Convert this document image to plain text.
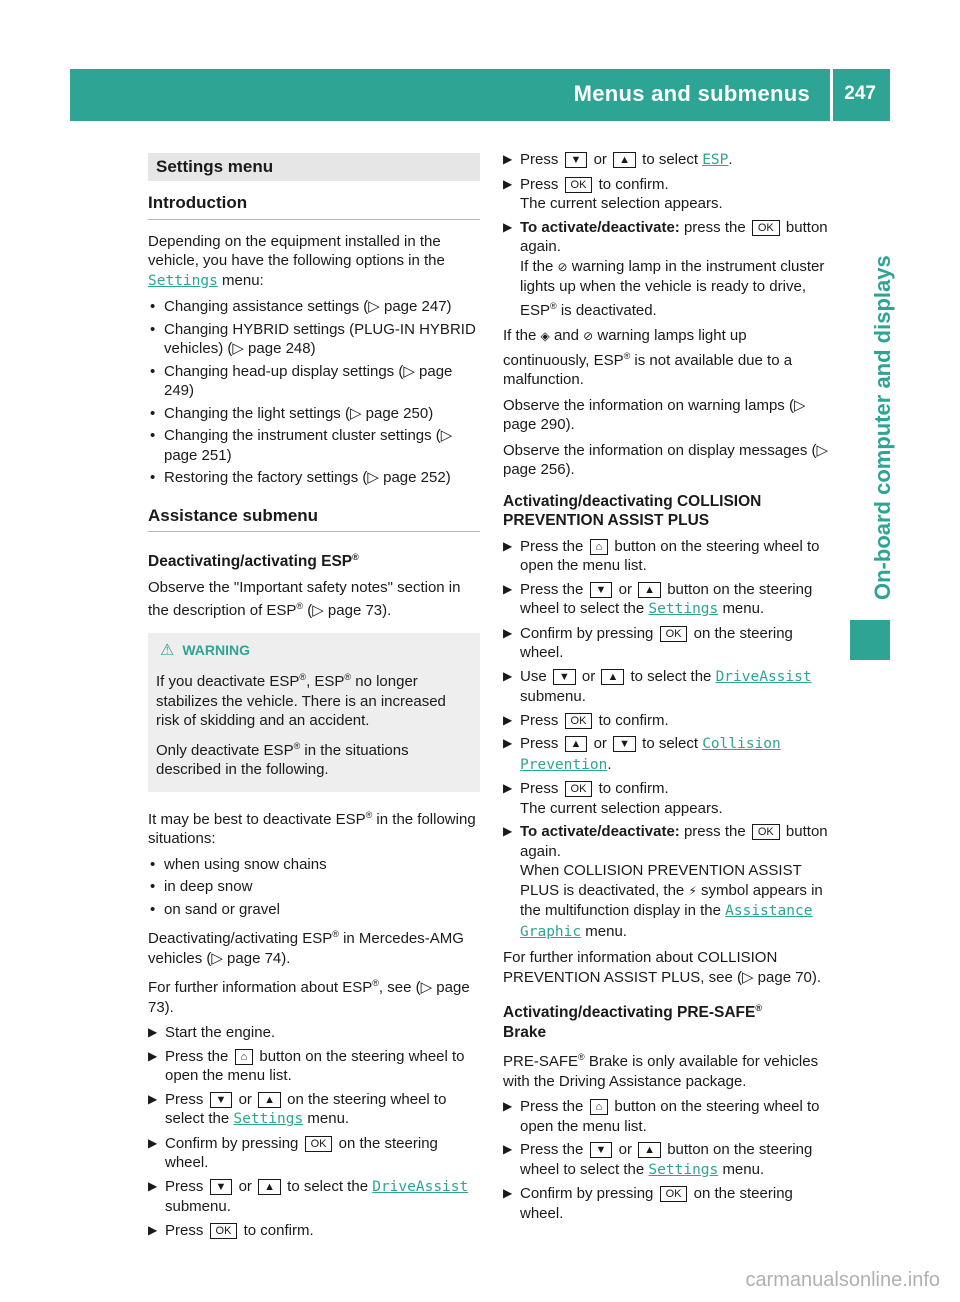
Menus and submenus 247
On-board computer and displays
Settings menu
Introduction

Depending on the equipment installed in the vehicle, you have the following options in the Settings menu:

• Changing assistance settings (▷ page 247)
• Changing HYBRID settings (PLUG-IN HYBRID vehicles) (▷ page 248)
• Changing head-up display settings (▷ page 249)
• Changing the light settings (▷ page 250)
• Changing the instrument cluster settings (▷ page 251)
• Restoring the factory settings (▷ page 252)
Assistance submenu
Deactivating/activating ESP®

Observe the "Important safety notes" section in the description of ESP® (▷ page 73).

⚠ WARNING

If you deactivate ESP®, ESP® no longer stabilizes the vehicle. There is an increased risk of skidding and an accident.

Only deactivate ESP® in the situations described in the following.

It may be best to deactivate ESP® in the following situations:

• when using snow chains
• in deep snow
• on sand or gravel

Deactivating/activating ESP® in Mercedes-AMG vehicles (▷ page 74).

For further information about ESP®, see (▷ page 73).

▶ Start the engine.
▶ Press the ⌂ button on the steering wheel to open the menu list.
▶ Press ▼ or ▲ on the steering wheel to select the Settings menu.
▶ Confirm by pressing OK on the steering wheel.
▶ Press ▼ or ▲ to select the DriveAssist submenu.
▶ Press OK to confirm.
▶ Press ▼ or ▲ to select ESP.
▶ Press OK to confirm.
The current selection appears.
▶ To activate/deactivate: press the OK button again.
If the ⊘ warning lamp in the instrument cluster lights up when the vehicle is ready to drive, ESP® is deactivated.

If the ◈ and ⊘ warning lamps light up continuously, ESP® is not available due to a malfunction.

Observe the information on warning lamps (▷ page 290).

Observe the information on display messages (▷ page 256).

Activating/deactivating COLLISION PREVENTION ASSIST PLUS
▶ Press the ⌂ button on the steering wheel to open the menu list.
▶ Press the ▼ or ▲ button on the steering wheel to select the Settings menu.
▶ Confirm by pressing OK on the steering wheel.
▶ Use ▼ or ▲ to select the DriveAssist submenu.
▶ Press OK to confirm.
▶ Press ▲ or ▼ to select Collision Prevention.
▶ Press OK to confirm.
The current selection appears.
▶ To activate/deactivate: press the OK button again.
When COLLISION PREVENTION ASSIST PLUS is deactivated, the ⚡ symbol appears in the multifunction display in the Assistance Graphic menu.

For further information about COLLISION PREVENTION ASSIST PLUS, see (▷ page 70).

Activating/deactivating PRE-SAFE®
Brake

PRE-SAFE® Brake is only available for vehicles with the Driving Assistance package.

▶ Press the ⌂ button on the steering wheel to open the menu list.
▶ Press the ▼ or ▲ button on the steering wheel to select the Settings menu.
▶ Confirm by pressing OK on the steering wheel.
carmanualsonline.info
